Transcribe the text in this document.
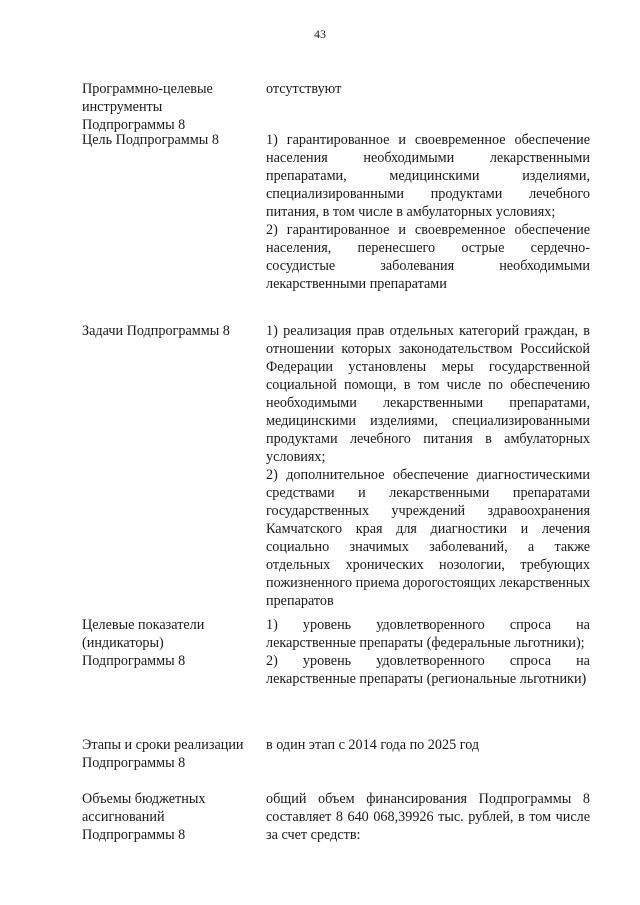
43
Программно-целевые инструменты Подпрограммы 8

отсутствуют

Цель Подпрограммы 8	1) гарантированное и своевременное обеспечение населения необходимыми лекарственными препаратами, медицинскими изделиями, специализированными продуктами лечебного питания, в том числе в амбулаторных условиях;

2) гарантированное и своевременное обеспечение населения, перенесшего острые сердечно-сосудистые заболевания необходимыми лекарственными препаратами

Задачи Подпрограммы 8	1) реализация прав отдельных категорий граждан, в отношении которых законодательством Российской Федерации установлены меры государственной социальной помощи, в том числе по обеспечению необходимыми лекарственными препаратами, медицинскими изделиями, специализированными продуктами лечебного питания в амбулаторных условиях;

2) дополнительное обеспечение диагностическими средствами и лекарственными препаратами государственных учреждений здравоохранения Камчатского края для диагностики и лечения социально значимых заболеваний, а также отдельных хронических нозологии, требующих пожизненного приема дорогостоящих лекарственных препаратов

Целевые показатели (индикаторы) Подпрограммы 8

1) уровень удовлетворенного спроса на лекарственные препараты (федеральные льготники);

2) уровень удовлетворенного спроса на лекарственные препараты (региональные льготники)

Этапы и сроки реализации Подпрограммы 8

в один этап с 2014 года по 2025 год

Объемы бюджетных ассигнований Подпрограммы 8

общий объем финансирования Подпрограммы 8 составляет 8 640 068,39926 тыс. рублей, в том числе за счет средств:
